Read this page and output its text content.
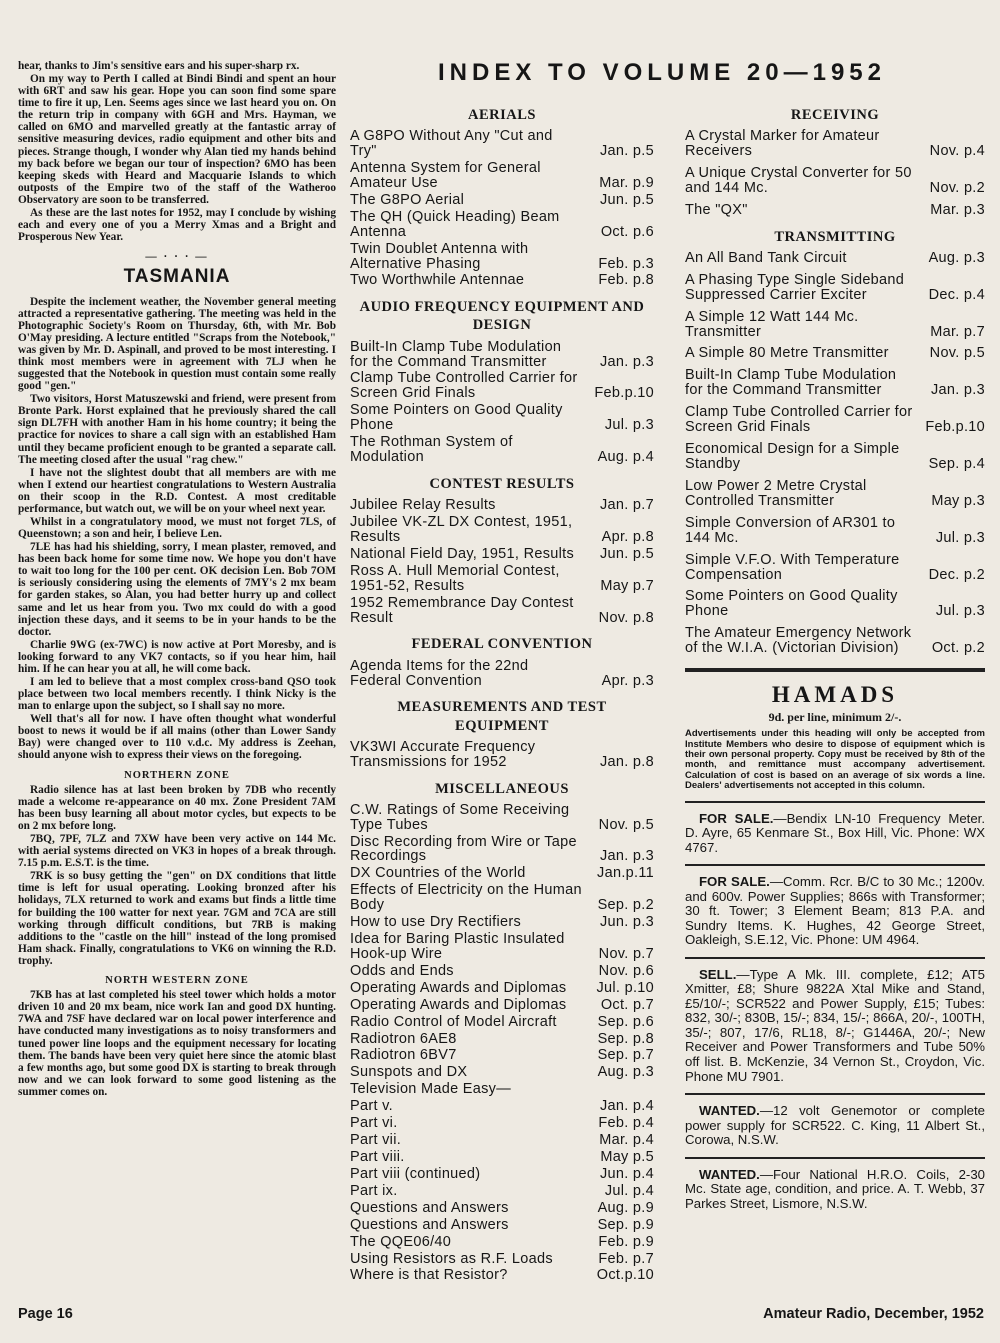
hear, thanks to Jim's sensitive ears and his super-sharp rx.

On my way to Perth I called at Bindi Bindi and spent an hour with 6RT and saw his gear. Hope you can soon find some spare time to fire it up, Len. Seems ages since we last heard you on. On the return trip in company with 6GH and Mrs. Hayman, we called on 6MO and marvelled greatly at the fantastic array of sensitive measuring devices, radio equipment and other bits and pieces. Strange though, I wonder why Alan tied my hands behind my back before we began our tour of inspection? 6MO has been keeping skeds with Heard and Macquarie Islands to which outposts of the Empire two of the staff of the Watheroo Observatory are soon to be transferred.

As these are the last notes for 1952, may I conclude by wishing each and every one of you a Merry Xmas and a Bright and Prosperous New Year.

— · · · —
TASMANIA

Despite the inclement weather, the November general meeting attracted a representative gathering. The meeting was held in the Photographic Society's Room on Thursday, 6th, with Mr. Bob O'May presiding. A lecture entitled "Scraps from the Notebook," was given by Mr. D. Aspinall, and proved to be most interesting. I think most members were in agreement with 7LJ when he suggested that the Notebook in question must contain some really good "gen."

Two visitors, Horst Matuszewski and friend, were present from Bronte Park. Horst explained that he previously shared the call sign DL7FH with another Ham in his home country; it being the practice for novices to share a call sign with an established Ham until they became proficient enough to be granted a separate call. The meeting closed after the usual "rag chew."

I have not the slightest doubt that all members are with me when I extend our heartiest congratulations to Western Australia on their scoop in the R.D. Contest. A most creditable performance, but watch out, we will be on your wheel next year.

Whilst in a congratulatory mood, we must not forget 7LS, of Queenstown; a son and heir, I believe Len.

7LE has had his shielding, sorry, I mean plaster, removed, and has been back home for some time now. We hope you don't have to wait too long for the 100 per cent. OK decision Len. Bob 7OM is seriously considering using the elements of 7MY's 2 mx beam for garden stakes, so Alan, you had better hurry up and collect same and let us hear from you. Two mx could do with a good injection these days, and it seems to be in your hands to be the doctor.

Charlie 9WG (ex-7WC) is now active at Port Moresby, and is looking forward to any VK7 contacts, so if you hear him, hail him. If he can hear you at all, he will come back.

I am led to believe that a most complex cross-band QSO took place between two local members recently. I think Nicky is the man to enlarge upon the subject, so I shall say no more.

Well that's all for now. I have often thought what wonderful boost to news it would be if all mains (other than Lower Sandy Bay) were changed over to 110 v.d.c. My address is Zeehan, should anyone wish to express their views on the foregoing.

NORTHERN ZONE

Radio silence has at last been broken by 7DB who recently made a welcome re-appearance on 40 mx. Zone President 7AM has been busy learning all about motor cycles, but expects to be on 2 mx before long.

7BQ, 7PF, 7LZ and 7XW have been very active on 144 Mc. with aerial systems directed on VK3 in hopes of a break through. 7.15 p.m. E.S.T. is the time.

7RK is so busy getting the "gen" on DX conditions that little time is left for usual operating. Looking bronzed after his holidays, 7LX returned to work and exams but finds a little time for building the 100 watter for next year. 7GM and 7CA are still working through difficult conditions, but 7RB is making additions to the "castle on the hill" instead of the long promised Ham shack. Finally, congratulations to VK6 on winning the R.D. trophy.

NORTH WESTERN ZONE

7KB has at last completed his steel tower which holds a motor driven 10 and 20 mx beam, nice work Ian and good DX hunting. 7WA and 7SF have declared war on local power interference and have conducted many investigations as to noisy transformers and tuned power line loops and the equipment necessary for locating them. The bands have been very quiet here since the atomic blast a few months ago, but some good DX is starting to break through now and we can look forward to some good listening as the summer comes on.

INDEX TO VOLUME 20—1952
AERIALS
A G8PO Without Any "Cut and Try"	Jan. p.5
Antenna System for General Amateur Use	Mar. p.9
The G8PO Aerial	Jun. p.5
The QH (Quick Heading) Beam Antenna	Oct. p.6
Twin Doublet Antenna with Alternative Phasing	Feb. p.3
Two Worthwhile Antennae	Feb. p.8
AUDIO FREQUENCY EQUIPMENT AND DESIGN
Built-In Clamp Tube Modulation for the Command Transmitter	Jan. p.3
Clamp Tube Controlled Carrier for Screen Grid Finals	Feb.p.10
Some Pointers on Good Quality Phone	Jul. p.3
The Rothman System of Modulation	Aug. p.4
CONTEST RESULTS
Jubilee Relay Results	Jan. p.7
Jubilee VK-ZL DX Contest, 1951, Results	Apr. p.8
National Field Day, 1951, Results Jun. p.5
Ross A. Hull Memorial Contest, 1951-52, Results	May p.7
1952 Remembrance Day Contest Result	Nov. p.8
FEDERAL CONVENTION
Agenda Items for the 22nd Federal Convention	Apr. p.3
MEASUREMENTS AND TEST EQUIPMENT
VK3WI Accurate Frequency Transmissions for 1952	Jan. p.8
MISCELLANEOUS
C.W. Ratings of Some Receiving Type Tubes	Nov. p.5
Disc Recording from Wire or Tape Recordings	Jan. p.3
DX Countries of the World	Jan.p.11
Effects of Electricity on the Human Body	Sep. p.2
How to use Dry Rectifiers	Jun. p.3
Idea for Baring Plastic Insulated Hook-up Wire	Nov. p.7
Odds and Ends	Nov. p.6
Operating Awards and Diplomas Jul. p.10
Operating Awards and Diplomas Oct. p.7
Radio Control of Model Aircraft	Sep. p.6
Radiotron 6AE8	Sep. p.8
Radiotron 6BV7	Sep. p.7
Sunspots and DX	Aug. p.3
Television Made Easy—
Part v.	Jan. p.4
Part vi.	Feb. p.4
Part vii.	Mar. p.4
Part viii.	May p.5
Part viii (continued)	Jun. p.4
Part ix.	Jul. p.4
Questions and Answers	Aug. p.9
Questions and Answers	Sep. p.9
The QQE06/40	Feb. p.9
Using Resistors as R.F. Loads	Feb. p.7
Where is that Resistor?	Oct.p.10
RECEIVING
A Crystal Marker for Amateur Receivers	Nov. p.4
A Unique Crystal Converter for 50 and 144 Mc.	Nov. p.2
The "QX"	Mar. p.3
TRANSMITTING
An All Band Tank Circuit	Aug. p.3
A Phasing Type Single Sideband Suppressed Carrier Exciter	Dec. p.4
A Simple 12 Watt 144 Mc. Transmitter	Mar. p.7
A Simple 80 Metre Transmitter	Nov. p.5
Built-In Clamp Tube Modulation for the Command Transmitter	Jan. p.3
Clamp Tube Controlled Carrier for Screen Grid Finals	Feb.p.10
Economical Design for a Simple Standby	Sep. p.4
Low Power 2 Metre Crystal Controlled Transmitter	May p.3
Simple Conversion of AR301 to 144 Mc.	Jul. p.3
Simple V.F.O. With Temperature Compensation	Dec. p.2
Some Pointers on Good Quality Phone	Jul. p.3
The Amateur Emergency Network of the W.I.A. (Victorian Division) Oct. p.2
HAMADS
9d. per line, minimum 2/-.
Advertisements under this heading will only be accepted from Institute Members who desire to dispose of equipment which is their own personal property. Copy must be received by 8th of the month, and remittance must accompany advertisement. Calculation of cost is based on an average of six words a line. Dealers' advertisements not accepted in this column.

FOR SALE.—Bendix LN-10 Frequency Meter. D. Ayre, 65 Kenmare St., Box Hill, Vic. Phone: WX 4767.

FOR SALE.—Comm. Rcr. B/C to 30 Mc.; 1200v. and 600v. Power Supplies; 866s with Transformer; 30 ft. Tower; 3 Element Beam; 813 P.A. and Sundry Items. K. Hughes, 42 George Street, Oakleigh, S.E.12, Vic. Phone: UM 4964.

SELL.—Type A Mk. III. complete, £12; AT5 Xmitter, £8; Shure 9822A Xtal Mike and Stand, £5/10/-; SCR522 and Power Supply, £15; Tubes: 832, 30/-; 830B, 15/-; 834, 15/-; 866A, 20/-, 100TH, 35/-; 807, 17/6, RL18, 8/-; G1446A, 20/-; New Receiver and Power Transformers and Tube 50% off list. B. McKenzie, 34 Vernon St., Croydon, Vic. Phone MU 7901.

WANTED.—12 volt Genemotor or complete power supply for SCR522. C. King, 11 Albert St., Corowa, N.S.W.

WANTED.—Four National H.R.O. Coils, 2-30 Mc. State age, condition, and price. A. T. Webb, 37 Parkes Street, Lismore, N.S.W.

Page 16	Amateur Radio, December, 1952
